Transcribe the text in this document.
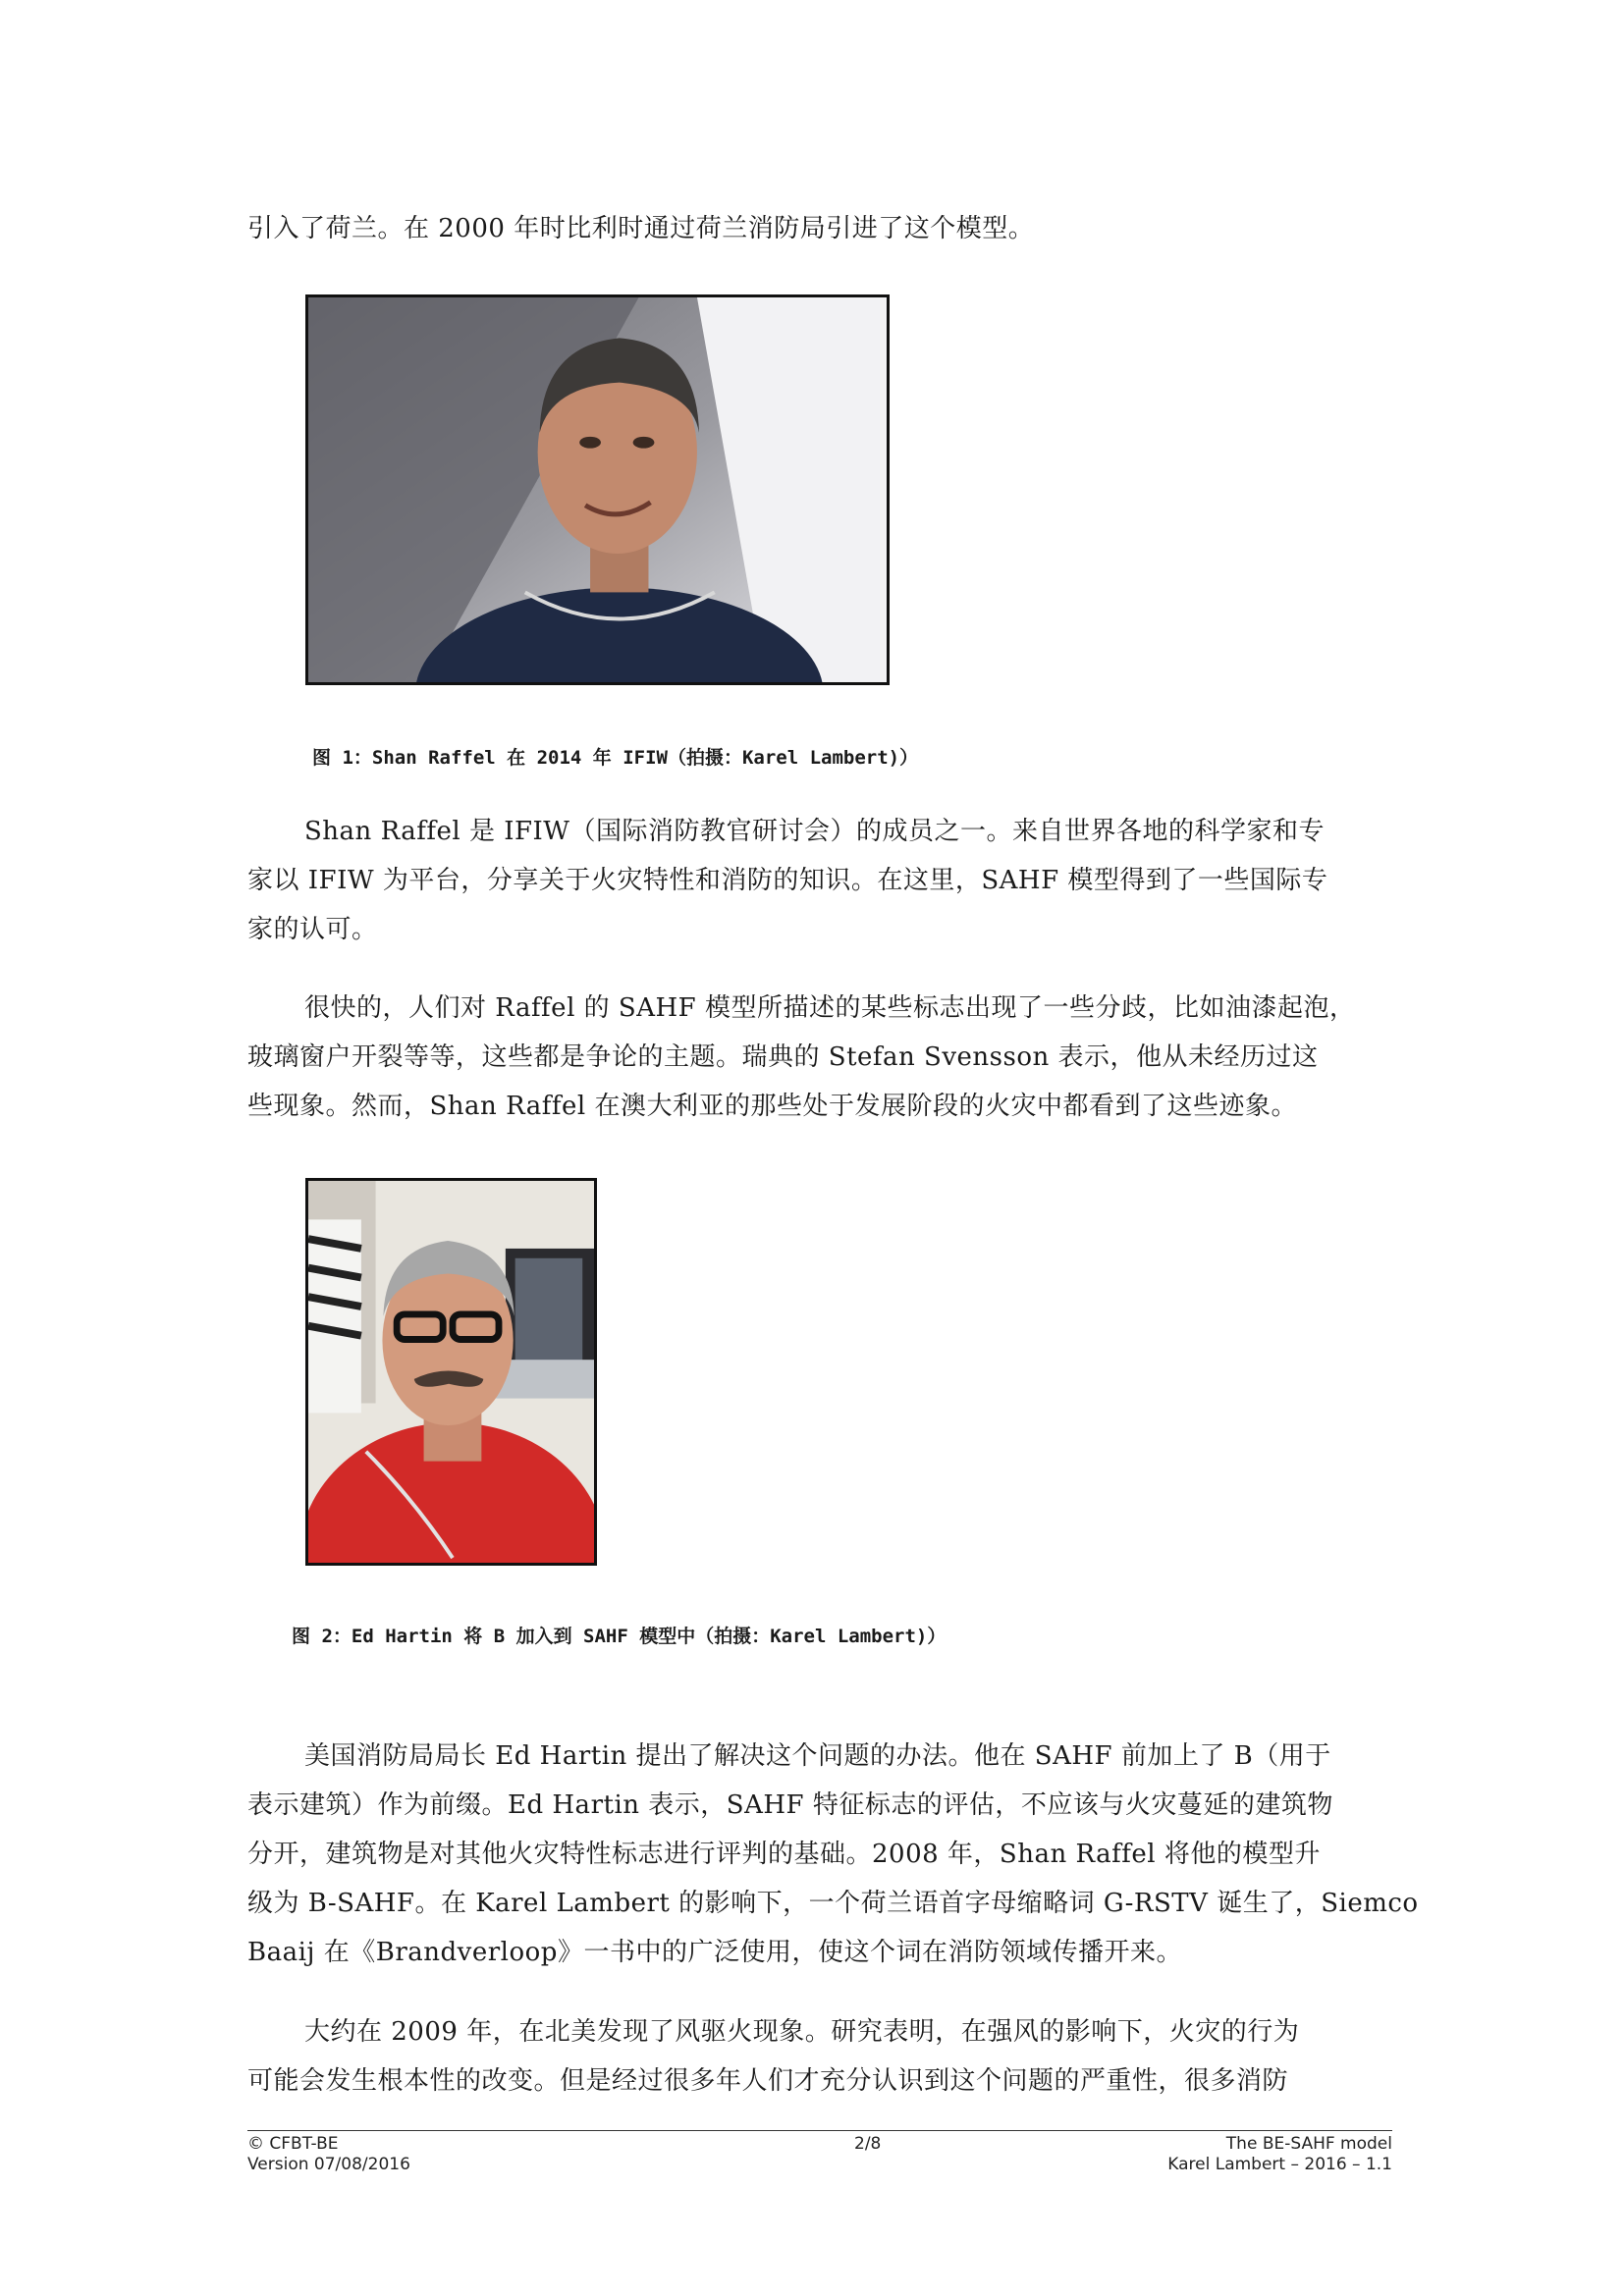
引入了荷兰。在 2000 年时比利时通过荷兰消防局引进了这个模型。
图 1：Shan Raffel 在 2014 年 IFIW（拍摄：Karel Lambert)）
Shan Raffel 是 IFIW（国际消防教官研讨会）的成员之一。来自世界各地的科学家和专
家以 IFIW 为平台，分享关于火灾特性和消防的知识。在这里，SAHF 模型得到了一些国际专
家的认可。
很快的，人们对 Raffel 的 SAHF 模型所描述的某些标志出现了一些分歧，比如油漆起泡，
玻璃窗户开裂等等，这些都是争论的主题。瑞典的 Stefan Svensson 表示，他从未经历过这
些现象。然而，Shan Raffel 在澳大利亚的那些处于发展阶段的火灾中都看到了这些迹象。
图 2：Ed Hartin 将 B 加入到 SAHF 模型中（拍摄：Karel Lambert)）
美国消防局局长 Ed Hartin 提出了解决这个问题的办法。他在 SAHF 前加上了 B（用于
表示建筑）作为前缀。Ed Hartin 表示，SAHF 特征标志的评估，不应该与火灾蔓延的建筑物
分开，建筑物是对其他火灾特性标志进行评判的基础。2008 年，Shan Raffel 将他的模型升
级为 B-SAHF。在 Karel Lambert 的影响下，一个荷兰语首字母缩略词 G-RSTV 诞生了，Siemco
Baaij 在《Brandverloop》一书中的广泛使用，使这个词在消防领域传播开来。
大约在 2009 年，在北美发现了风驱火现象。研究表明，在强风的影响下，火灾的行为
可能会发生根本性的改变。但是经过很多年人们才充分认识到这个问题的严重性，很多消防
© CFBT-BE
Version 07/08/2016
2/8	The BE-SAHF model
Karel Lambert – 2016 – 1.1
